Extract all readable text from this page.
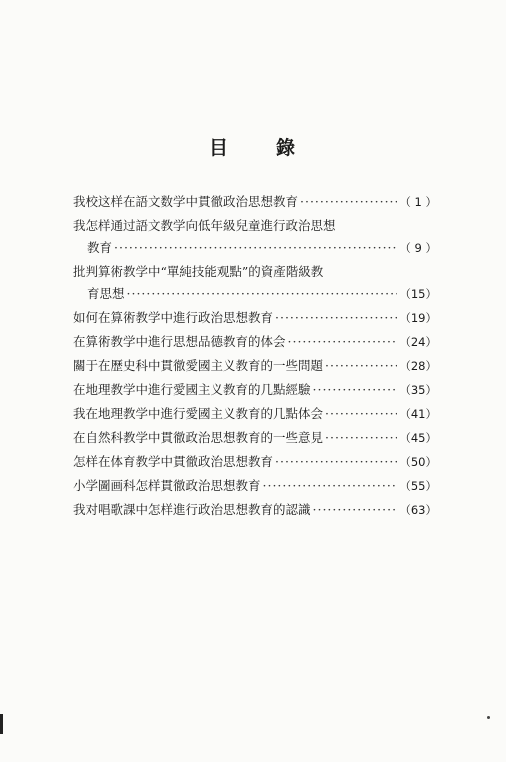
目 錄
我校这样在語文数学中貫徹政治思想教育 ·····	（ 1 ）
我怎样通过語文教学向低年級兒童進行政治思想
教育 ·····	（ 9 ）
批判算術教学中“單純技能观點”的資產階級教
育思想 ·····	（15）
如何在算術教学中進行政治思想教育 ·····	（19）
在算術教学中進行思想品德教育的体会 ·····	（24）
關于在歷史科中貫徹愛國主义教育的一些問題 ·····	（28）
在地理教学中進行愛國主义教育的几點經驗 ·····	（35）
我在地理教学中進行愛國主义教育的几點体会 ·····	（41）
在自然科教学中貫徹政治思想教育的一些意見 ·····	（45）
怎样在体育教学中貫徹政治思想教育 ·····	（50）
小学圖画科怎样貫徹政治思想教育 ·····	（55）
我对唱歌課中怎样進行政治思想教育的認識 ·····	（63）
